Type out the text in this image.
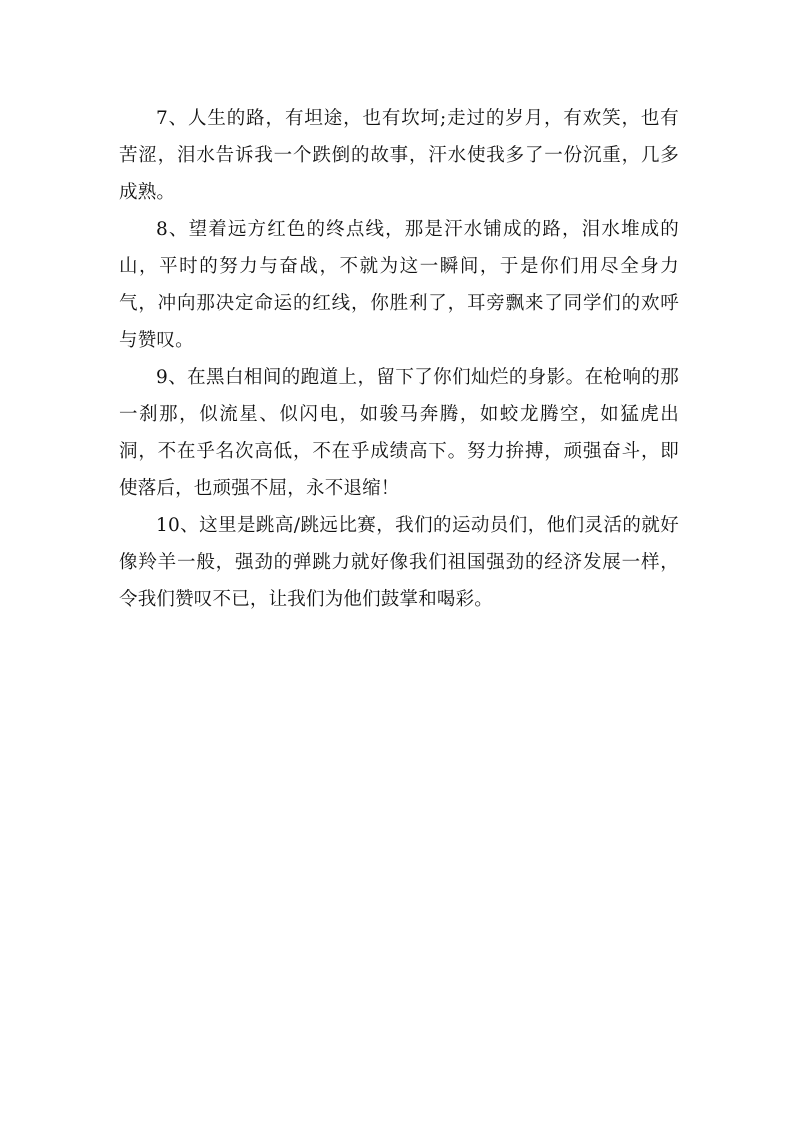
7、人生的路，有坦途，也有坎坷;走过的岁月，有欢笑，也有苦涩，泪水告诉我一个跌倒的故事，汗水使我多了一份沉重，几多成熟。

8、望着远方红色的终点线，那是汗水铺成的路，泪水堆成的山，平时的努力与奋战，不就为这一瞬间，于是你们用尽全身力气，冲向那决定命运的红线，你胜利了，耳旁飘来了同学们的欢呼与赞叹。

9、在黑白相间的跑道上，留下了你们灿烂的身影。在枪响的那一刹那，似流星、似闪电，如骏马奔腾，如蛟龙腾空，如猛虎出洞，不在乎名次高低，不在乎成绩高下。努力拚搏，顽强奋斗，即使落后，也顽强不屈，永不退缩！

10、这里是跳高/跳远比赛，我们的运动员们，他们灵活的就好像羚羊一般，强劲的弹跳力就好像我们祖国强劲的经济发展一样，令我们赞叹不已，让我们为他们鼓掌和喝彩。
